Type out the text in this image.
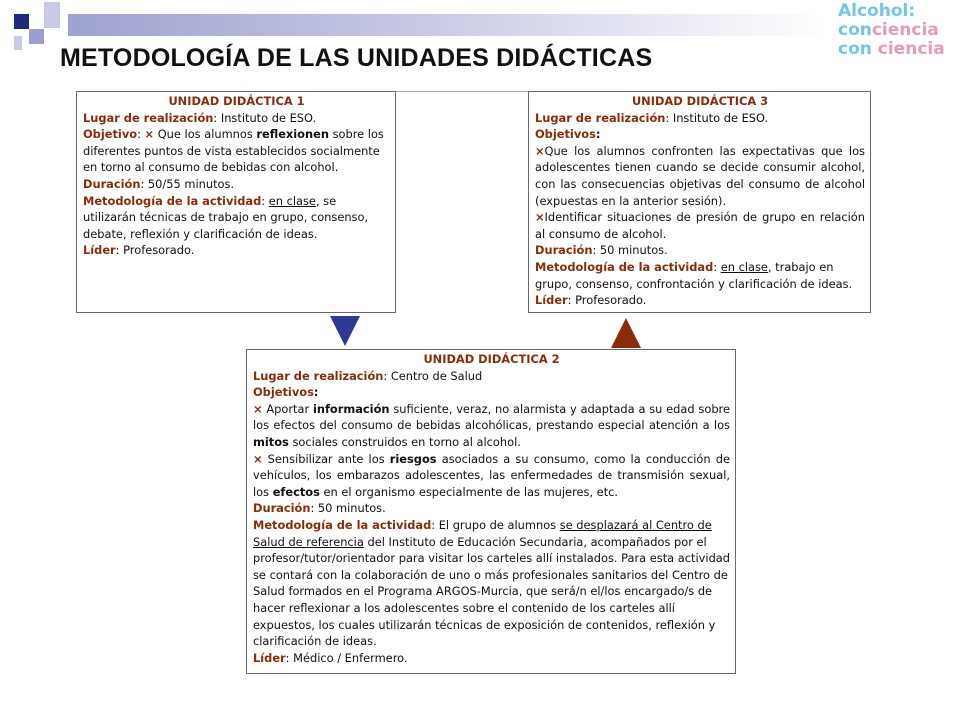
METODOLOGÍA DE LAS UNIDADES DIDÁCTICAS
Alcohol:
conciencia
con ciencia
UNIDAD DIDÁCTICA 1
Lugar de realización: Instituto de ESO.
Objetivo: × Que los alumnos reflexionen sobre los diferentes puntos de vista establecidos socialmente en torno al consumo de bebidas con alcohol.
Duración: 50/55 minutos.
Metodología de la actividad: en clase, se utilizarán técnicas de trabajo en grupo, consenso, debate, reflexión y clarificación de ideas.
Líder: Profesorado.
UNIDAD DIDÁCTICA 3
Lugar de realización: Instituto de ESO.
Objetivos:
×Que los alumnos confronten las expectativas que los adolescentes tienen cuando se decide consumir alcohol, con las consecuencias objetivas del consumo de alcohol (expuestas en la anterior sesión).
×Identificar situaciones de presión de grupo en relación al consumo de alcohol.
Duración: 50 minutos.
Metodología de la actividad: en clase, trabajo en grupo, consenso, confrontación y clarificación de ideas.
Líder: Profesorado.
UNIDAD DIDÁCTICA 2
Lugar de realización: Centro de Salud
Objetivos:
× Aportar información suficiente, veraz, no alarmista y adaptada a su edad sobre los efectos del consumo de bebidas alcohólicas, prestando especial atención a los mitos sociales construidos en torno al alcohol.
× Sensibilizar ante los riesgos asociados a su consumo, como la conducción de vehículos, los embarazos adolescentes, las enfermedades de transmisión sexual, los efectos en el organismo especialmente de las mujeres, etc.
Duración: 50 minutos.
Metodología de la actividad: El grupo de alumnos se desplazará al Centro de Salud de referencia del Instituto de Educación Secundaria, acompañados por el profesor/tutor/orientador para visitar los carteles allí instalados. Para esta actividad se contará con la colaboración de uno o más profesionales sanitarios del Centro de Salud formados en el Programa ARGOS-Murcia, que será/n el/los encargado/s de hacer reflexionar a los adolescentes sobre el contenido de los carteles allí expuestos, los cuales utilizarán técnicas de exposición de contenidos, reflexión y clarificación de ideas.
Líder: Médico / Enfermero.
